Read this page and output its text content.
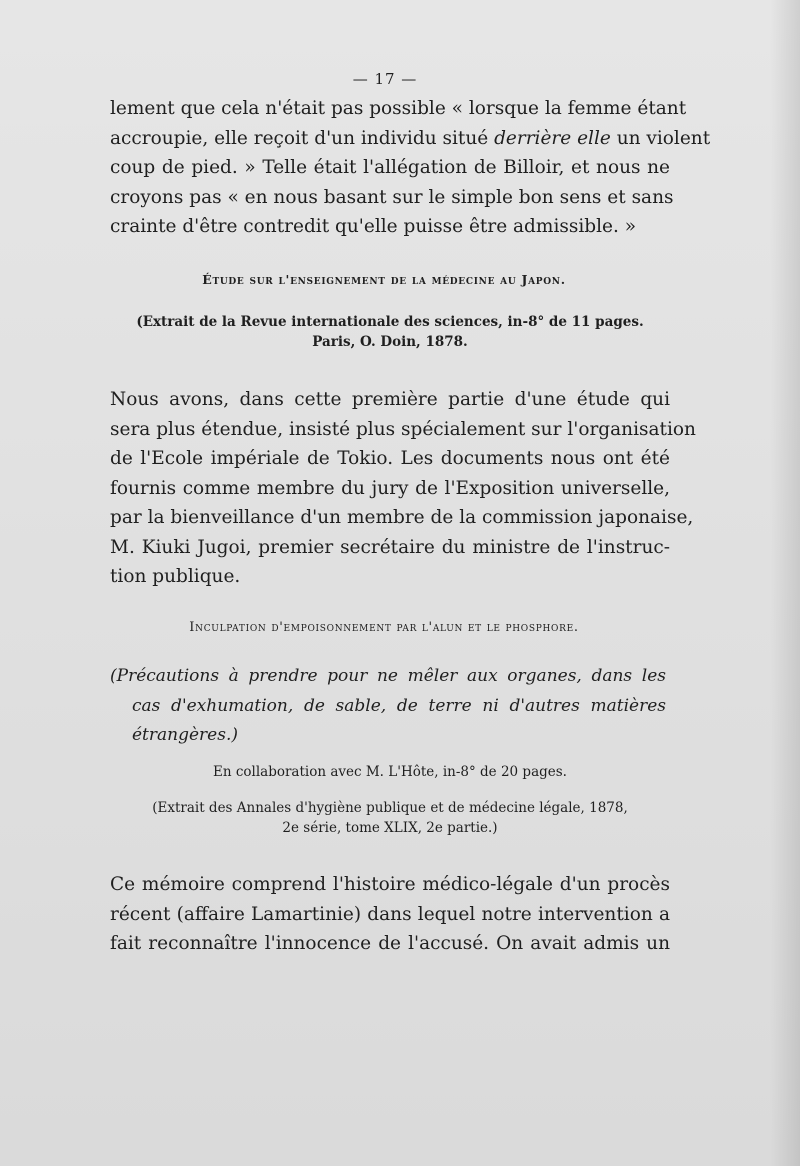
— 17 —
lement que cela n'était pas possible « lorsque la femme étant
accroupie, elle reçoit d'un individu situé derrière elle un violent
coup de pied. » Telle était l'allégation de Billoir, et nous ne
croyons pas « en nous basant sur le simple bon sens et sans
crainte d'être contredit qu'elle puisse être admissible. »
Étude sur l'enseignement de la médecine au Japon.
(Extrait de la Revue internationale des sciences, in-8° de 11 pages.
Paris, O. Doin, 1878.
Nous avons, dans cette première partie d'une étude qui
sera plus étendue, insisté plus spécialement sur l'organisation
de l'Ecole impériale de Tokio. Les documents nous ont été
fournis comme membre du jury de l'Exposition universelle,
par la bienveillance d'un membre de la commission japonaise,
M. Kiuki Jugoi, premier secrétaire du ministre de l'instruc-
tion publique.
Inculpation d'empoisonnement par l'alun et le phosphore.
(Précautions à prendre pour ne mêler aux organes, dans les
cas d'exhumation, de sable, de terre ni d'autres matières
étrangères.)
En collaboration avec M. L'Hôte, in-8° de 20 pages.
(Extrait des Annales d'hygiène publique et de médecine légale, 1878,
2e série, tome XLIX, 2e partie.)
Ce mémoire comprend l'histoire médico-légale d'un procès
récent (affaire Lamartinie) dans lequel notre intervention a
fait reconnaître l'innocence de l'accusé. On avait admis un
